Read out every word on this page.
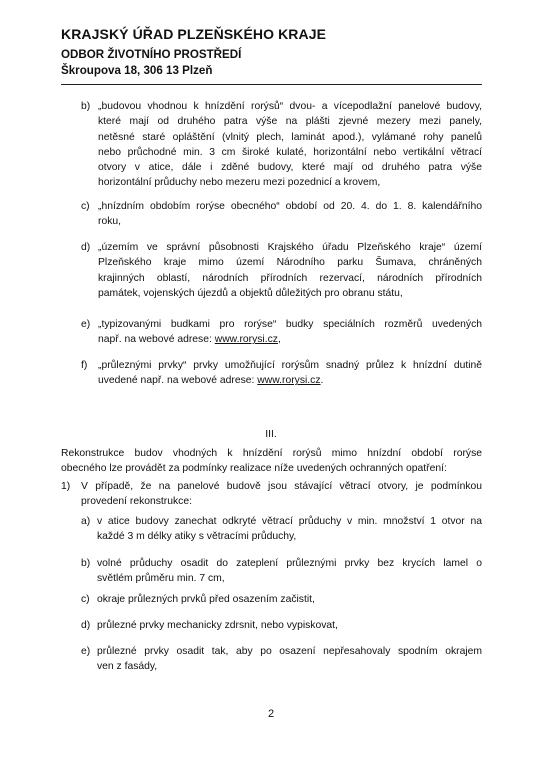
KRAJSKÝ ÚŘAD PLZEŇSKÉHO KRAJE
ODBOR ŽIVOTNÍHO PROSTŘEDÍ
Škroupova 18, 306 13 Plzeň
b) „budovou vhodnou k hnízdění rorýsů“ dvou- a vícepodlažní panelové budovy,
které mají od druhého patra výše na plášti zjevné mezery mezi panely,
netěsné staré opláštění (vlnitý plech, laminát apod.), vylámané rohy panelů
nebo průchodné min. 3 cm široké kulaté, horizontální nebo vertikální větrací
otvory v atice, dále i zděné budovy, které mají od druhého patra výše
horizontální průduchy nebo mezeru mezi pozednicí a krovem,
c) „hnízdním obdobím rorýse obecného“ období od 20. 4. do 1. 8. kalendářního
roku,
d) „územím ve správní působnosti Krajského úřadu Plzeňského kraje“ území
Plzeňského kraje mimo území Národního parku Šumava, chráněných
krajinných oblastí, národních přírodních rezervací, národních přírodních
památek, vojenských újezdů a objektů důležitých pro obranu státu,
e) „typizovanými budkami pro rorýse“ budky speciálních rozměrů uvedených
např. na webové adrese: www.rorysi.cz,
f) „průleznými prvky“ prvky umožňující rorýsům snadný průlez k hnízdní dutině
uvedené např. na webové adrese: www.rorysi.cz.
III.
Rekonstrukce budov vhodných k hnízdění rorýsů mimo hnízdní období rorýse
obecného lze provádět za podmínky realizace níže uvedených ochranných opatření:
1) V případě, že na panelové budově jsou stávající větrací otvory, je podmínkou
provedení rekonstrukce:
a) v atice budovy zanechat odkryté větrací průduchy v min. množství 1 otvor na
každé 3 m délky atiky s větracími průduchy,
b) volné průduchy osadit do zateplení průleznými prvky bez krycích lamel o
světlém průměru min. 7 cm,
c) okraje průlezných prvků před osazením začistit,
d) průlezné prvky mechanicky zdrsnit, nebo vypiskovat,
e) průlezné prvky osadit tak, aby po osazení nepřesahovaly spodním okrajem
ven z fasády,
2
